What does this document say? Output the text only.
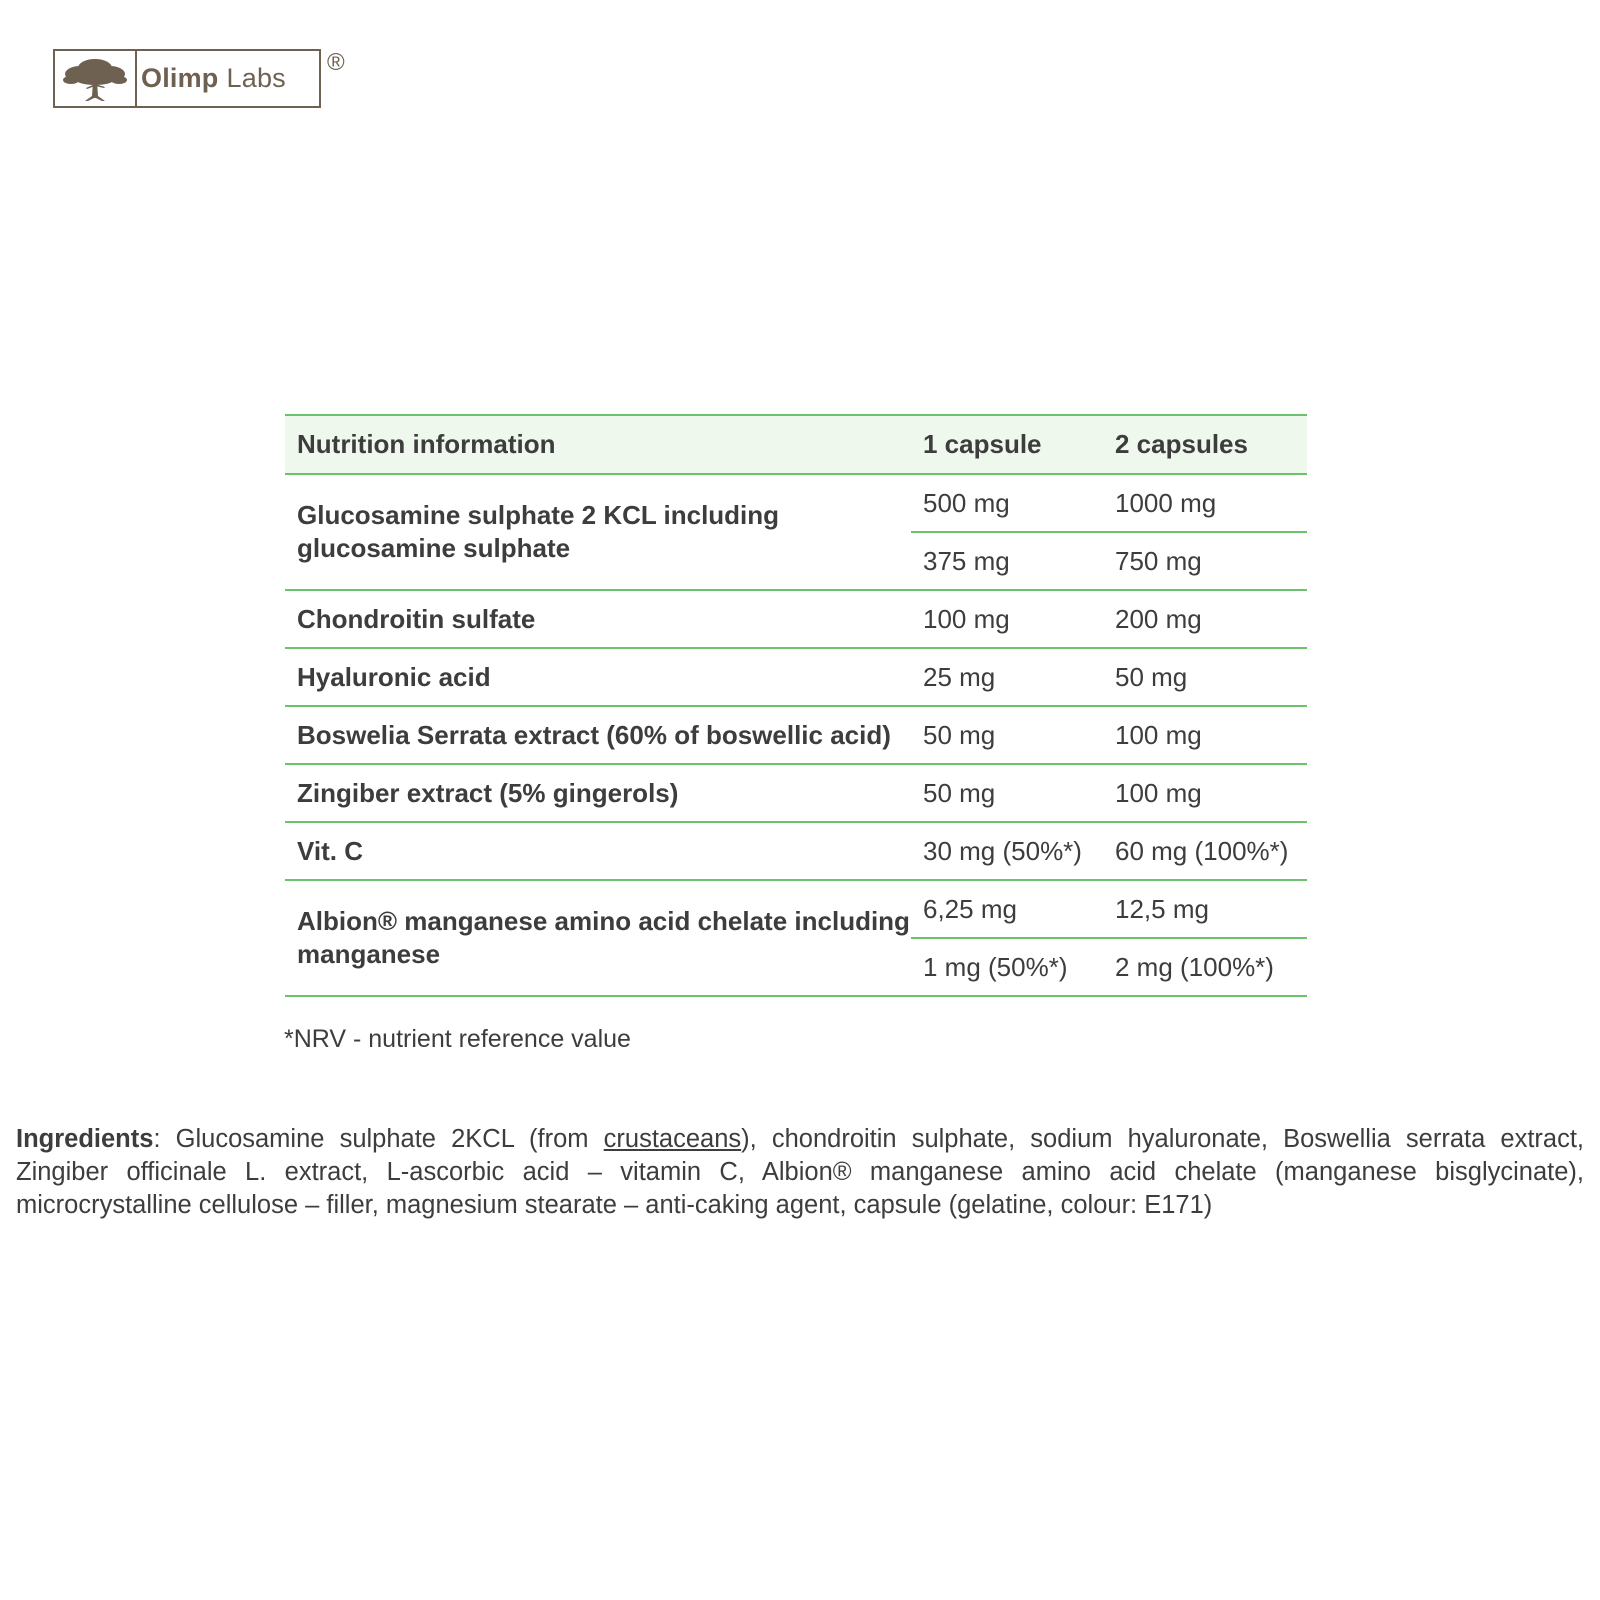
Olimp Labs
®
Nutrition information	1 capsule	2 capsules
Glucosamine sulphate 2 KCL including glucosamine sulphate	500 mg	1000 mg
	375 mg	750 mg
Chondroitin sulfate	100 mg	200 mg
Hyaluronic acid	25 mg	50 mg
Boswelia Serrata extract (60% of boswellic acid)	50 mg	100 mg
Zingiber extract (5% gingerols)	50 mg	100 mg
Vit. C	30 mg (50%*)	60 mg (100%*)
Albion® manganese amino acid chelate including manganese	6,25 mg	12,5 mg
	1 mg (50%*)	2 mg (100%*)
*NRV - nutrient reference value

Ingredients: Glucosamine sulphate 2KCL (from crustaceans), chondroitin sulphate, sodium hyaluronate, Boswellia serrata extract, Zingiber officinale L. extract, L-ascorbic acid – vitamin C, Albion® manganese amino acid chelate (manganese bisglycinate), microcrystalline cellulose – filler, magnesium stearate – anti-caking agent, capsule (gelatine, colour: E171)
